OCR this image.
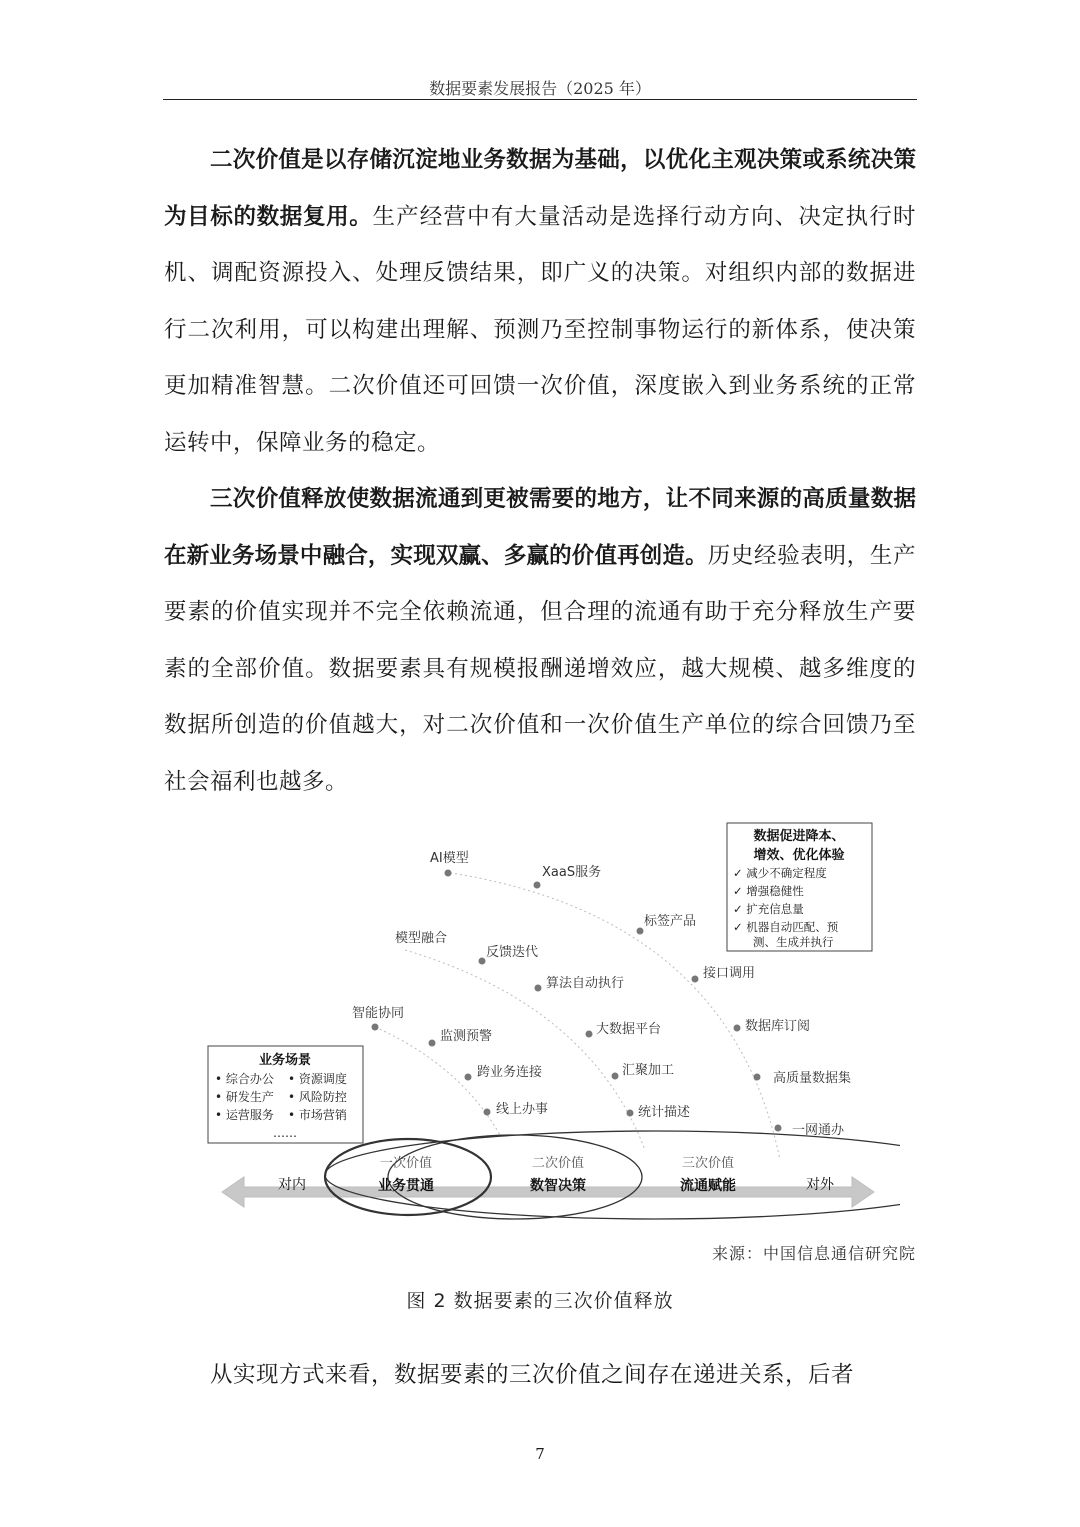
数据要素发展报告（2025 年）

二次价值是以存储沉淀地业务数据为基础，以优化主观决策或系统决策为目标的数据复用。生产经营中有大量活动是选择行动方向、决定执行时机、调配资源投入、处理反馈结果，即广义的决策。对组织内部的数据进行二次利用，可以构建出理解、预测乃至控制事物运行的新体系，使决策更加精准智慧。二次价值还可回馈一次价值，深度嵌入到业务系统的正常运转中，保障业务的稳定。

三次价值释放使数据流通到更被需要的地方，让不同来源的高质量数据在新业务场景中融合，实现双赢、多赢的价值再创造。历史经验表明，生产要素的价值实现并不完全依赖流通，但合理的流通有助于充分释放生产要素的全部价值。数据要素具有规模报酬递增效应，越大规模、越多维度的数据所创造的价值越大，对二次价值和一次价值生产单位的综合回馈乃至社会福利也越多。

对内	对外
一次价值
业务贯通
二次价值
数智决策
三次价值
流通赋能
智能协同
监测预警
跨业务连接
线上办事
模型融合
反馈迭代
算法自动执行
大数据平台
汇聚加工
统计描述
AI模型
XaaS服务
标签产品
接口调用
数据库订阅
高质量数据集
一网通办
业务场景
• 综合办公 • 资源调度
• 研发生产 • 风险防控
• 运营服务 • 市场营销
……
数据促进降本、
增效、优化体验
✓ 减少不确定程度
✓ 增强稳健性
✓ 扩充信息量
✓ 机器自动匹配、预
测、生成并执行
来源：中国信息通信研究院
图 2 数据要素的三次价值释放

从实现方式来看，数据要素的三次价值之间存在递进关系，后者

7
